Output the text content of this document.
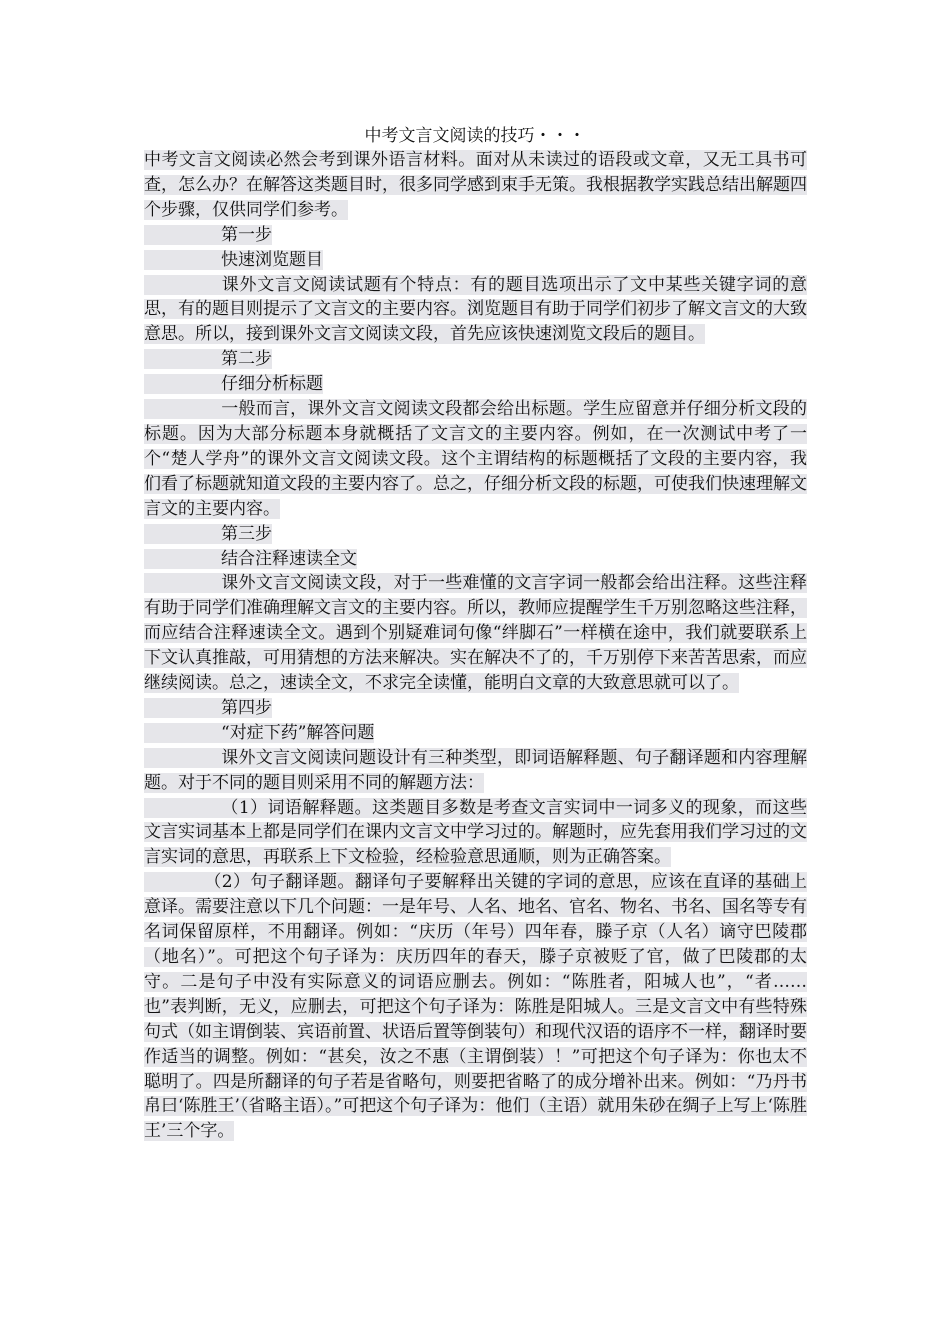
中考文言文阅读的技巧・・・

中考文言文阅读必然会考到课外语言材料。面对从未读过的语段或文章，又无工具书可查，怎么办？在解答这类题目时，很多同学感到束手无策。我根据教学实践总结出解题四个步骤，仅供同学们参考。

第一步

快速浏览题目

课外文言文阅读试题有个特点：有的题目选项出示了文中某些关键字词的意思，有的题目则提示了文言文的主要内容。浏览题目有助于同学们初步了解文言文的大致意思。所以，接到课外文言文阅读文段，首先应该快速浏览文段后的题目。

第二步

仔细分析标题

一般而言，课外文言文阅读文段都会给出标题。学生应留意并仔细分析文段的标题。因为大部分标题本身就概括了文言文的主要内容。例如，在一次测试中考了一个“楚人学舟”的课外文言文阅读文段。这个主谓结构的标题概括了文段的主要内容，我们看了标题就知道文段的主要内容了。总之，仔细分析文段的标题，可使我们快速理解文言文的主要内容。

第三步

结合注释速读全文

课外文言文阅读文段，对于一些难懂的文言字词一般都会给出注释。这些注释有助于同学们准确理解文言文的主要内容。所以，教师应提醒学生千万别忽略这些注释，而应结合注释速读全文。遇到个别疑难词句像“绊脚石”一样横在途中，我们就要联系上下文认真推敲，可用猜想的方法来解决。实在解决不了的，千万别停下来苦苦思索，而应继续阅读。总之，速读全文，不求完全读懂，能明白文章的大致意思就可以了。

第四步

“对症下药”解答问题

课外文言文阅读问题设计有三种类型，即词语解释题、句子翻译题和内容理解题。对于不同的题目则采用不同的解题方法：

（1）词语解释题。这类题目多数是考查文言实词中一词多义的现象，而这些文言实词基本上都是同学们在课内文言文中学习过的。解题时，应先套用我们学习过的文言实词的意思，再联系上下文检验，经检验意思通顺，则为正确答案。

（2）句子翻译题。翻译句子要解释出关键的字词的意思，应该在直译的基础上意译。需要注意以下几个问题：一是年号、人名、地名、官名、物名、书名、国名等专有名词保留原样，不用翻译。例如：“庆历（年号）四年春，滕子京（人名）谪守巴陵郡（地名）”。可把这个句子译为：庆历四年的春天，滕子京被贬了官，做了巴陵郡的太守。二是句子中没有实际意义的词语应删去。例如：“陈胜者，阳城人也”，“者……也”表判断，无义，应删去，可把这个句子译为：陈胜是阳城人。三是文言文中有些特殊句式（如主谓倒装、宾语前置、状语后置等倒装句）和现代汉语的语序不一样，翻译时要作适当的调整。例如：“甚矣，汝之不惠（主谓倒装）！”可把这个句子译为：你也太不聪明了。四是所翻译的句子若是省略句，则要把省略了的成分增补出来。例如：“乃丹书帛曰‘陈胜王’（省略主语）。”可把这个句子译为：他们（主语）就用朱砂在绸子上写上‘陈胜王’三个字。
